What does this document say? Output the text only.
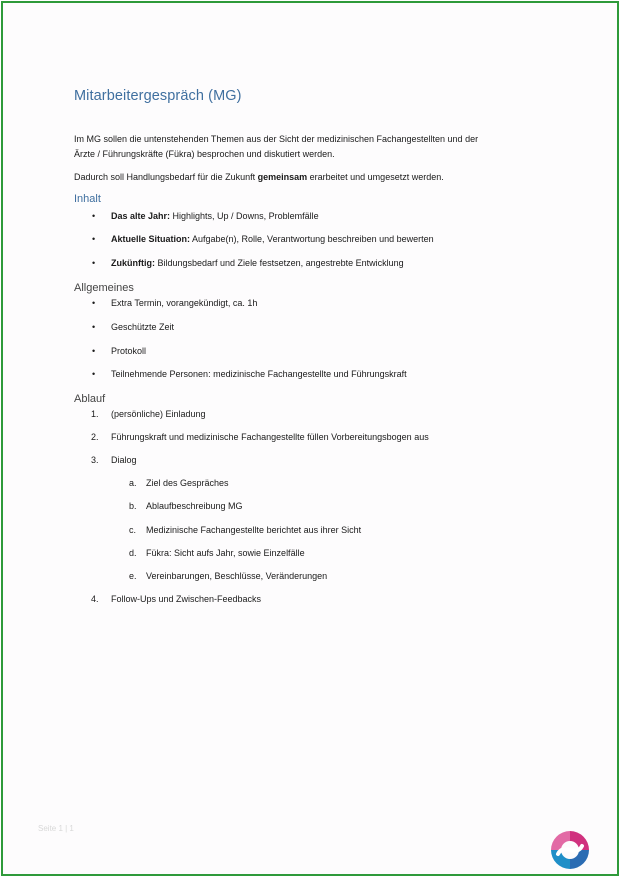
Mitarbeitergespräch (MG)
Im MG sollen die untenstehenden Themen aus der Sicht der medizinischen Fachangestellten und der
Ärzte / Führungskräfte (Fükra) besprochen und diskutiert werden.
Dadurch soll Handlungsbedarf für die Zukunft gemeinsam erarbeitet und umgesetzt werden.
Inhalt
• Das alte Jahr: Highlights, Up / Downs, Problemfälle
• Aktuelle Situation: Aufgabe(n), Rolle, Verantwortung beschreiben und bewerten
• Zukünftig: Bildungsbedarf und Ziele festsetzen, angestrebte Entwicklung
Allgemeines
• Extra Termin, vorangekündigt, ca. 1h
• Geschützte Zeit
• Protokoll
• Teilnehmende Personen: medizinische Fachangestellte und Führungskraft
Ablauf
1. (persönliche) Einladung
2. Führungskraft und medizinische Fachangestellte füllen Vorbereitungsbogen aus
3. Dialog
a. Ziel des Gespräches
b. Ablaufbeschreibung MG
c. Medizinische Fachangestellte berichtet aus ihrer Sicht
d. Fükra: Sicht aufs Jahr, sowie Einzelfälle
e. Vereinbarungen, Beschlüsse, Veränderungen
4. Follow-Ups und Zwischen-Feedbacks
Seite 1 | 1
